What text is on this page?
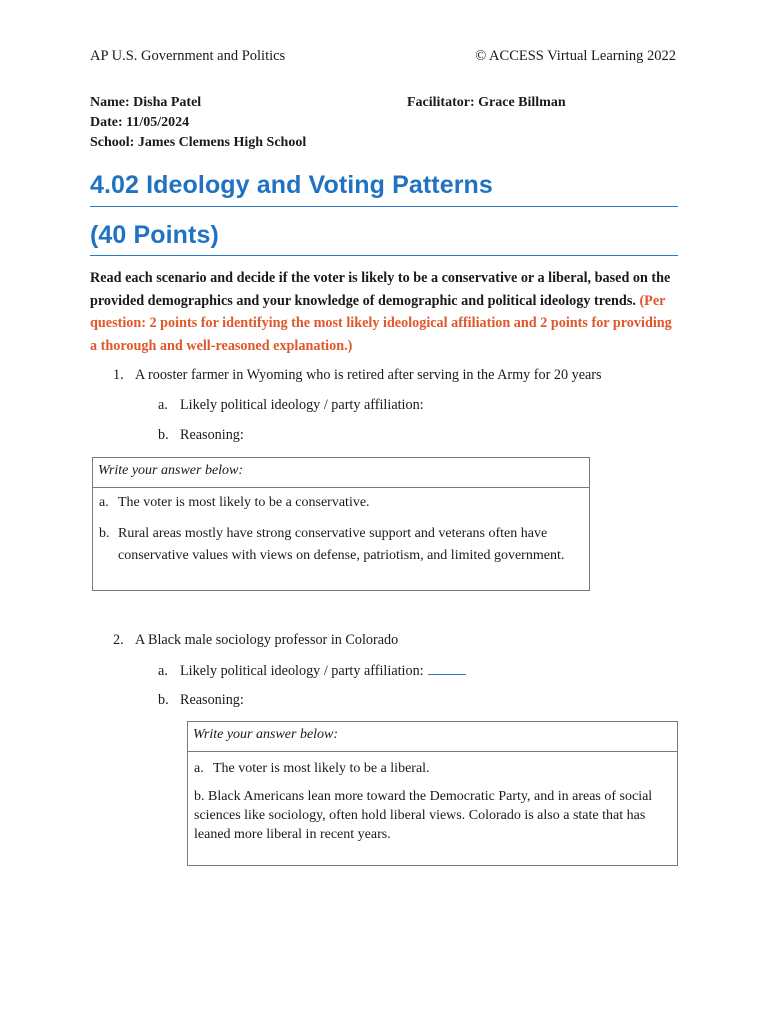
AP U.S. Government and Politics	© ACCESS Virtual Learning 2022
Name: Disha Patel	Facilitator: Grace Billman
Date: 11/05/2024
School: James Clemens High School
4.02 Ideology and Voting Patterns
(40 Points)
Read each scenario and decide if the voter is likely to be a conservative or a liberal, based on the provided demographics and your knowledge of demographic and political ideology trends. (Per question: 2 points for identifying the most likely ideological affiliation and 2 points for providing a thorough and well-reasoned explanation.)
1. A rooster farmer in Wyoming who is retired after serving in the Army for 20 years
a. Likely political ideology / party affiliation:
b. Reasoning:
Write your answer below:

a. The voter is most likely to be a conservative.

b. Rural areas mostly have strong conservative support and veterans often have conservative values with views on defense, patriotism, and limited government.

2. A Black male sociology professor in Colorado
a. Likely political ideology / party affiliation:
b. Reasoning:
Write your answer below:

a. The voter is most likely to be a liberal.

b. Black Americans lean more toward the Democratic Party, and in areas of social sciences like sociology, often hold liberal views. Colorado is also a state that has leaned more liberal in recent years.
